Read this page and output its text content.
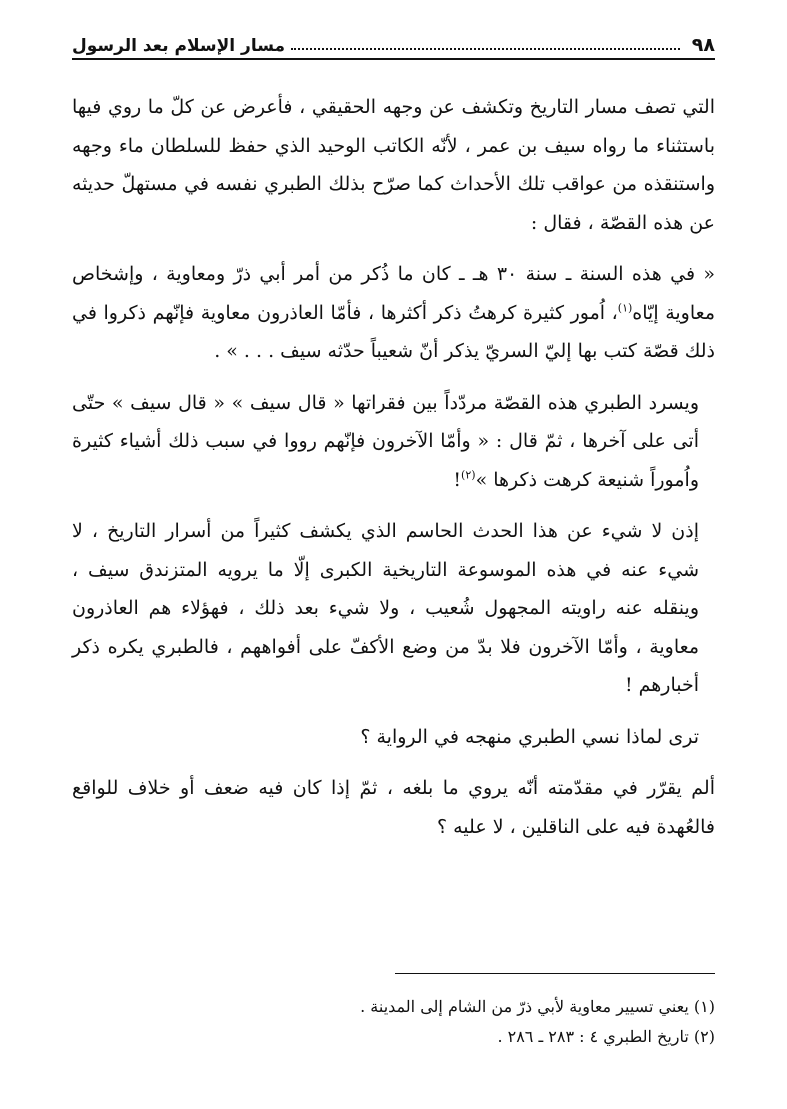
٩٨
مسار الإسلام بعد الرسول

التي تصف مسار التاريخ وتكشف عن وجهه الحقيقي ، فأعرض عن كلّ ما روي فيها باستثناء ما رواه سيف بن عمر ، لأنّه الكاتب الوحيد الذي حفظ للسلطان ماء وجهه واستنقذه من عواقب تلك الأحداث كما صرّح بذلك الطبري نفسه في مستهلّ حديثه عن هذه القصّة ، فقال :

« في هذه السنة ـ سنة ٣٠ هـ ـ كان ما ذُكر من أمر أبي ذرّ ومعاوية ، وإشخاص معاوية إيّاه$^{(١)}$، اُمور كثيرة كرهتُ ذكر أكثرها ، فأمّا العاذرون معاوية فإنّهم ذكروا في ذلك قصّة كتب بها إليّ السريّ يذكر أنّ شعيباً حدّثه سيف . . . » .

ويسرد الطبري هذه القصّة مردّداً بين فقراتها « قال سيف » « قال سيف » حتّى أتى على آخرها ، ثمّ قال : « وأمّا الآخرون فإنّهم رووا في سبب ذلك أشياء كثيرة واُموراً شنيعة كرهت ذكرها »$^{(٢)}$!

إذن لا شيء عن هذا الحدث الحاسم الذي يكشف كثيراً من أسرار التاريخ ، لا شيء عنه في هذه الموسوعة التاريخية الكبرى إلّا ما يرويه المتزندق سيف ، وينقله عنه راويته المجهول شُعيب ، ولا شيء بعد ذلك ، فهؤلاء هم العاذرون معاوية ، وأمّا الآخرون فلا بدّ من وضع الأكفّ على أفواههم ، فالطبري يكره ذكر أخبارهم !

ترى لماذا نسي الطبري منهجه في الرواية ؟

ألم يقرّر في مقدّمته أنّه يروي ما بلغه ، ثمّ إذا كان فيه ضعف أو خلاف للواقع فالعُهدة فيه على الناقلين ، لا عليه ؟

(١) يعني تسيير معاوية لأبي ذرّ من الشام إلى المدينة .
(٢) تاريخ الطبري ٤ : ٢٨٣ ـ ٢٨٦ .
